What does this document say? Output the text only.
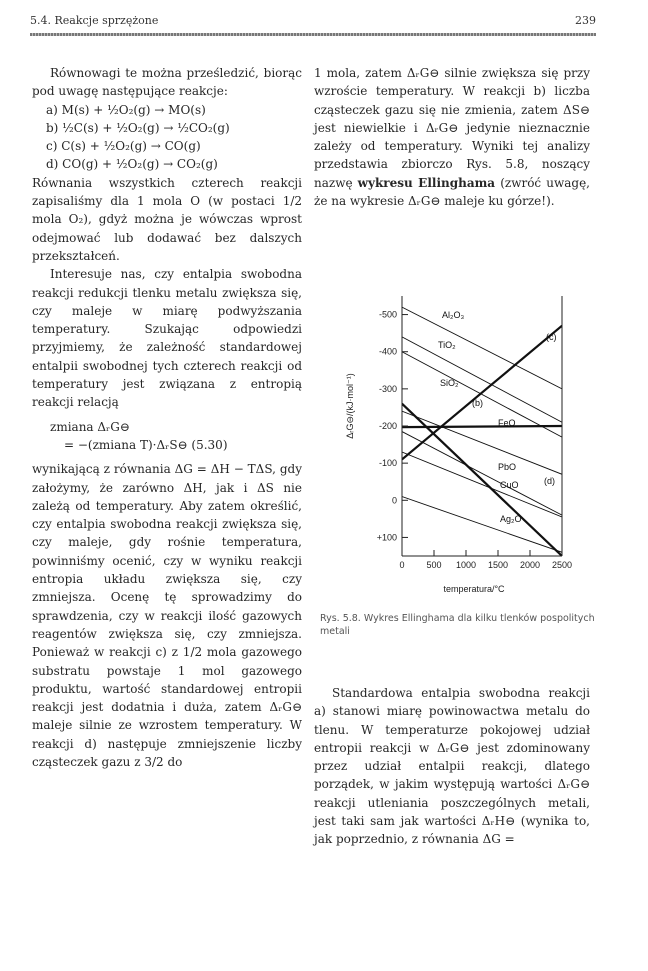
5.4. Reakcje sprzężone	239

Równowagi te można prześledzić, biorąc pod uwagę następujące reakcje:

a) M(s) + ½O₂(g) → MO(s)

b) ½C(s) + ½O₂(g) → ½CO₂(g)

c) C(s) + ½O₂(g) → CO(g)

d) CO(g) + ½O₂(g) → CO₂(g)

Równania wszystkich czterech reakcji zapisaliśmy dla 1 mola O (w postaci 1/2 mola O₂), gdyż można je wówczas wprost odejmować lub dodawać bez dalszych przekształceń.

Interesuje nas, czy entalpia swobodna reakcji redukcji tlenku metalu zwiększa się, czy maleje w miarę podwyższania temperatury. Szukając odpowiedzi przyjmiemy, że zależność standardowej entalpii swobodnej tych czterech reakcji od temperatury jest związana z entropią reakcji relacją

zmiana ΔᵣG⊖

= −(zmiana T)·ΔᵣS⊖ (5.30)

wynikającą z równania ΔG = ΔH − TΔS, gdy założymy, że zarówno ΔH, jak i ΔS nie zależą od temperatury. Aby zatem określić, czy entalpia swobodna reakcji zwiększa się, czy maleje, gdy rośnie temperatura, powinniśmy ocenić, czy w wyniku reakcji entropia układu zwiększa się, czy zmniejsza. Ocenę tę sprowadzimy do sprawdzenia, czy w reakcji ilość gazowych reagentów zwiększa się, czy zmniejsza. Ponieważ w reakcji c) z 1/2 mola gazowego substratu powstaje 1 mol gazowego produktu, wartość standardowej entropii reakcji jest dodatnia i duża, zatem ΔᵣG⊖ maleje silnie ze wzrostem temperatury. W reakcji d) następuje zmniejszenie liczby cząsteczek gazu z 3/2 do

1 mola, zatem ΔᵣG⊖ silnie zwiększa się przy wzroście temperatury. W reakcji b) liczba cząsteczek gazu się nie zmienia, zatem ΔS⊖ jest niewielkie i ΔᵣG⊖ jedynie nieznacznie zależy od temperatury. Wyniki tej analizy przedstawia zbiorczo Rys. 5.8, noszący nazwę wykresu Ellinghama (zwróć uwagę, że na wykresie ΔᵣG⊖ maleje ku górze!).

Al₂O₃
TiO₂
SiO₂
(c)
(b)
FeO
PbO
CuO	(d)
Ag₂O
-500
-400
-300
-200
-100
0
+100
0 500 1000 1500 2000 2500
temperatura/°C
ΔᵣG⊖/(kJ·mol⁻¹)
Rys. 5.8. Wykres Ellinghama dla kilku tlenków pospolitych metali

Standardowa entalpia swobodna reakcji a) stanowi miarę powinowactwa metalu do tlenu. W temperaturze pokojowej udział entropii reakcji w ΔᵣG⊖ jest zdominowany przez udział entalpii reakcji, dlatego porządek, w jakim występują wartości ΔᵣG⊖ reakcji utleniania poszczególnych metali, jest taki sam jak wartości ΔᵣH⊖ (wynika to, jak poprzednio, z równania ΔG =
